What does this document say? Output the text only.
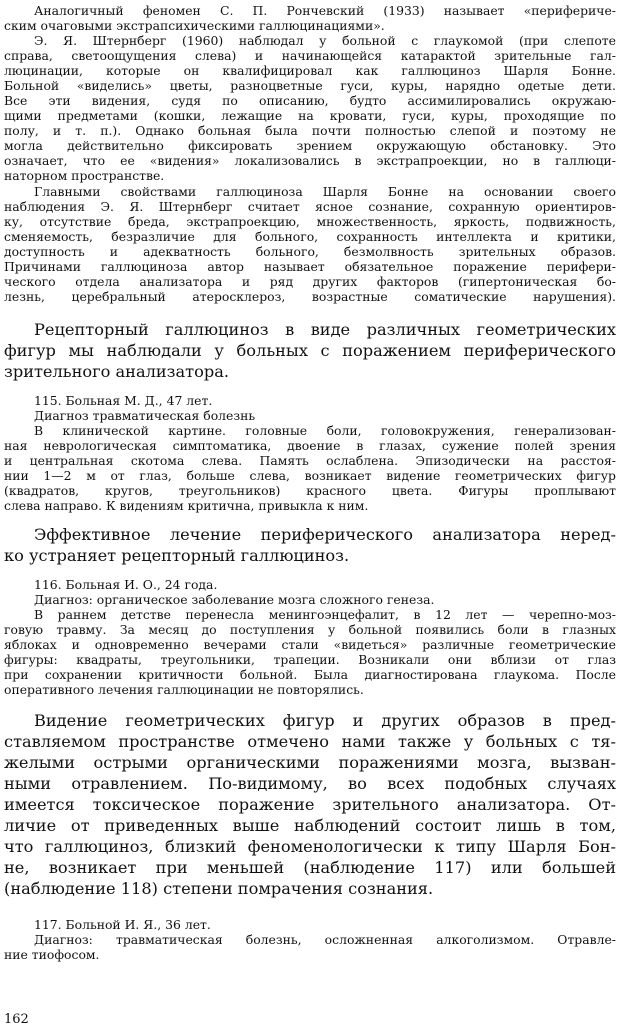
Аналогичный феномен С. П. Рончевский (1933) называет «перифериче-

ским очаговыми экстрапсихическими галлюцинациями».

Э. Я. Штернберг (1960) наблюдал у больной с глаукомой (при слепоте

справа, светоощущения слева) и начинающейся катарактой зрительные гал-

люцинации, которые он квалифицировал как галлюциноз Шарля Бонне.

Больной «виделись» цветы, разноцветные гуси, куры, нарядно одетые дети.

Все эти видения, судя по описанию, будто ассимилировались окружаю-

щими предметами (кошки, лежащие на кровати, гуси, куры, проходящие по

полу, и т. п.). Однако больная была почти полностью слепой и поэтому не

могла действительно фиксировать зрением окружающую обстановку. Это

означает, что ее «видения» локализовались в экстрапроекции, но в галлюци-

наторном пространстве.

Главными свойствами галлюциноза Шарля Бонне на основании своего

наблюдения Э. Я. Штернберг считает ясное сознание, сохранную ориентиров-

ку, отсутствие бреда, экстрапроекцию, множественность, яркость, подвижность,

сменяемость, безразличие для больного, сохранность интеллекта и критики,

доступность и адекватность больного, безмолвность зрительных образов.

Причинами галлюциноза автор называет обязательное поражение перифери-

ческого отдела анализатора и ряд других факторов (гипертоническая бо-

лезнь, церебральный атеросклероз, возрастные соматические нарушения).

Рецепторный галлюциноз в виде различных геометрических

фигур мы наблюдали у больных с поражением периферического

зрительного анализатора.

115. Больная М. Д., 47 лет.

Диагноз травматическая болезнь

В клинической картине. головные боли, головокружения, генерализован-

ная неврологическая симптоматика, двоение в глазах, сужение полей зрения

и центральная скотома слева. Память ослаблена. Эпизодически на расстоя-

нии 1—2 м от глаз, больше слева, возникает видение геометрических фигур

(квадратов, кругов, треугольников) красного цвета. Фигуры проплывают

слева направо. К видениям критична, привыкла к ним.

Эффективное лечение периферического анализатора неред-

ко устраняет рецепторный галлюциноз.

116. Больная И. О., 24 года.

Диагноз: органическое заболевание мозга сложного генеза.

В раннем детстве перенесла менингоэнцефалит, в 12 лет — черепно-моз-

говую травму. За месяц до поступления у больной появились боли в глазных

яблоках и одновременно вечерами стали «видеться» различные геометрические

фигуры: квадраты, треугольники, трапеции. Возникали они вблизи от глаз

при сохранении критичности больной. Была диагностирована глаукома. После

оперативного лечения галлюцинации не повторялись.

Видение геометрических фигур и других образов в пред-

ставляемом пространстве отмечено нами также у больных с тя-

желыми острыми органическими поражениями мозга, вызван-

ными отравлением. По-видимому, во всех подобных случаях

имеется токсическое поражение зрительного анализатора. От-

личие от приведенных выше наблюдений состоит лишь в том,

что галлюциноз, близкий феноменологически к типу Шарля Бон-

не, возникает при меньшей (наблюдение 117) или большей

(наблюдение 118) степени помрачения сознания.

117. Больной И. Я., 36 лет.

Диагноз: травматическая болезнь, осложненная алкоголизмом. Отравле-

ние тиофосом.

162
